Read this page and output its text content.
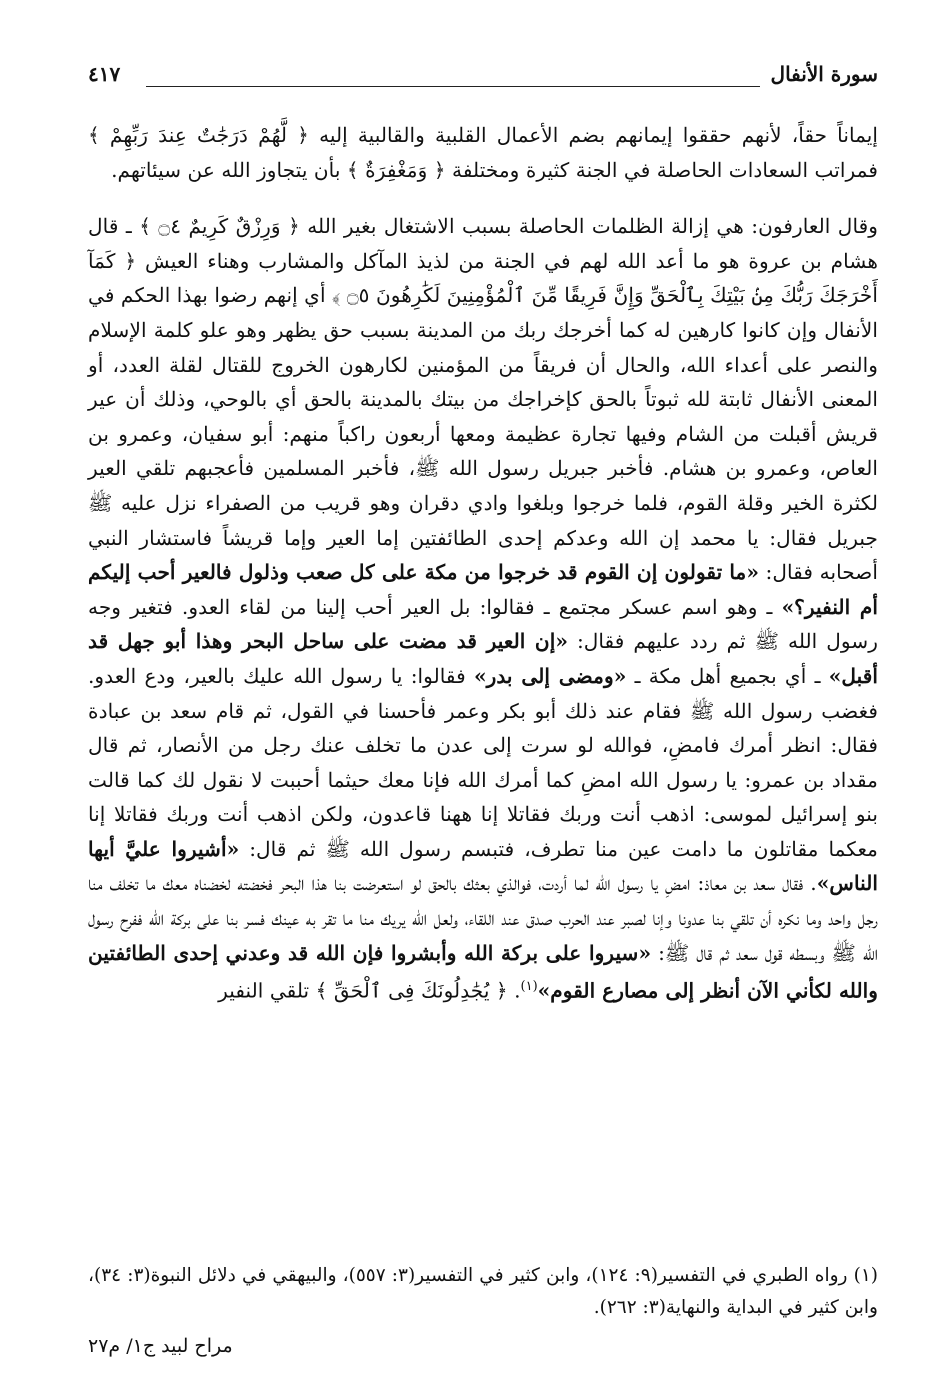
سورة الأنفال
٤١٧

إيماناً حقاً، لأنهم حققوا إيمانهم بضم الأعمال القلبية والقالبية إليه ﴿ لَّهُمْ دَرَجَٰتٌ عِندَ رَبِّهِمْ ﴾ فمراتب السعادات الحاصلة في الجنة كثيرة ومختلفة ﴿ وَمَغْفِرَةٌ ﴾ بأن يتجاوز الله عن سيئاتهم.

وقال العارفون: هي إزالة الظلمات الحاصلة بسبب الاشتغال بغير الله ﴿ وَرِزْقٌ كَرِيمٌ ۝٤ ﴾ ـ قال هشام بن عروة هو ما أعد الله لهم في الجنة من لذيذ المآكل والمشارب وهناء العيش ﴿ كَمَآ أَخْرَجَكَ رَبُّكَ مِنۢ بَيْتِكَ بِٱلْحَقِّ وَإِنَّ فَرِيقًا مِّنَ ٱلْمُؤْمِنِينَ لَكَٰرِهُونَ ۝٥ ﴾ أي إنهم رضوا بهذا الحكم في الأنفال وإن كانوا كارهين له كما أخرجك ربك من المدينة بسبب حق يظهر وهو علو كلمة الإسلام والنصر على أعداء الله، والحال أن فريقاً من المؤمنين لكارهون الخروج للقتال لقلة العدد، أو المعنى الأنفال ثابتة لله ثبوتاً بالحق كإخراجك من بيتك بالمدينة بالحق أي بالوحي، وذلك أن عير قريش أقبلت من الشام وفيها تجارة عظيمة ومعها أربعون راكباً منهم: أبو سفيان، وعمرو بن العاص، وعمرو بن هشام. فأخبر جبريل رسول الله ﷺ، فأخبر المسلمين فأعجبهم تلقي العير لكثرة الخير وقلة القوم، فلما خرجوا وبلغوا وادي دقران وهو قريب من الصفراء نزل عليه ﷺ جبريل فقال: يا محمد إن الله وعدكم إحدى الطائفتين إما العير وإما قريشاً فاستشار النبي أصحابه فقال: «ما تقولون إن القوم قد خرجوا من مكة على كل صعب وذلول فالعير أحب إليكم أم النفير؟» ـ وهو اسم عسكر مجتمع ـ فقالوا: بل العير أحب إلينا من لقاء العدو. فتغير وجه رسول الله ﷺ ثم ردد عليهم فقال: «إن العير قد مضت على ساحل البحر وهذا أبو جهل قد أقبل» ـ أي بجميع أهل مكة ـ «ومضى إلى بدر» فقالوا: يا رسول الله عليك بالعير، ودع العدو. فغضب رسول الله ﷺ فقام عند ذلك أبو بكر وعمر فأحسنا في القول، ثم قام سعد بن عبادة فقال: انظر أمرك فامضِ، فوالله لو سرت إلى عدن ما تخلف عنك رجل من الأنصار، ثم قال مقداد بن عمرو: يا رسول الله امضِ كما أمرك الله فإنا معك حيثما أحببت لا نقول لك كما قالت بنو إسرائيل لموسى: اذهب أنت وربك فقاتلا إنا ههنا قاعدون، ولكن اذهب أنت وربك فقاتلا إنا معكما مقاتلون ما دامت عين منا تطرف، فتبسم رسول الله ﷺ ثم قال: «أشيروا عليَّ أيها الناس». فقال سعد بن معاذ: امضِ يا رسول الله لما أردت، فوالذي بعثك بالحق لو استعرضت بنا هذا البحر فخضته لخضناه معك ما تخلف منا رجل واحد وما نكره أن تلقي بنا عدونا وإنا لصبر عند الحرب صدق عند اللقاء، ولعل الله يريك منا ما تقر به عينك فسر بنا على بركة الله ففرح رسول الله ﷺ وبسطه قول سعد ثم قال ﷺ: «سيروا على بركة الله وأبشروا فإن الله قد وعدني إحدى الطائفتين والله لكأني الآن أنظر إلى مصارع القوم»$^{(١)}$. ﴿ يُجَٰدِلُونَكَ فِى ٱلْحَقِّ ﴾ تلقي النفير

(١) رواه الطبري في التفسير(٩: ١٢٤)، وابن كثير في التفسير(٣: ٥٥٧)، والبيهقي في دلائل النبوة(٣: ٣٤)، وابن كثير في البداية والنهاية(٣: ٢٦٢).

مراح لبيد ج١/ م٢٧
